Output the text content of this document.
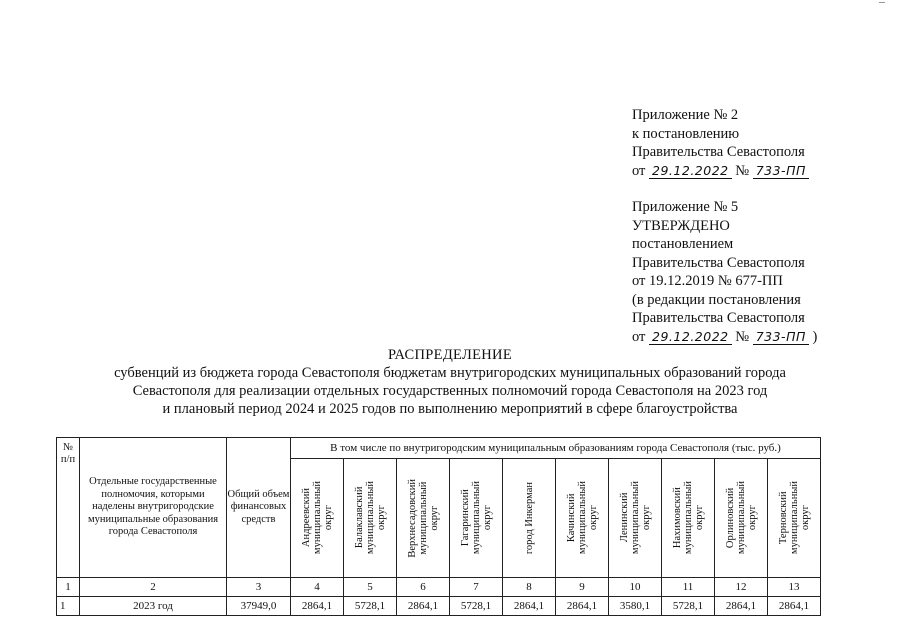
Приложение № 2
к постановлению
Правительства Севастополя
от 29.12.2022 № 733-ПП
Приложение № 5
УТВЕРЖДЕНО
постановлением
Правительства Севастополя
от 19.12.2019 № 677-ПП
(в редакции постановления
Правительства Севастополя
от 29.12.2022 № 733-ПП )
РАСПРЕДЕЛЕНИЕ
субвенций из бюджета города Севастополя бюджетам внутригородских муниципальных образований города
Севастополя для реализации отдельных государственных полномочий города Севастополя на 2023 год
и плановый период 2024 и 2025 годов по выполнению мероприятий в сфере благоустройства
№
п/п	Отдельные государственные полномочия, которыми наделены внутригородские муниципальные образования города Севастополя	Общий объем финансовых средств	В том числе по внутригородским муниципальным образованиям города Севастополя (тыс. руб.)									

			Андреевский
муниципальный
округ	Балаклавский
муниципальный
округ	Верхнесадовский
муниципальный
округ	Гагаринский
муниципальный
округ	город Инкерман	Качинский
муниципальный
округ	Ленинский
муниципальный
округ	Нахимовский
муниципальный
округ	Орлиновский
муниципальный
округ	Терновский
муниципальный
округ

1	2	3	4	5	6	7	8	9	10	11	12	13
1	2023 год	37949,0	2864,1	5728,1	2864,1	5728,1	2864,1	2864,1	3580,1	5728,1	2864,1	2864,1
